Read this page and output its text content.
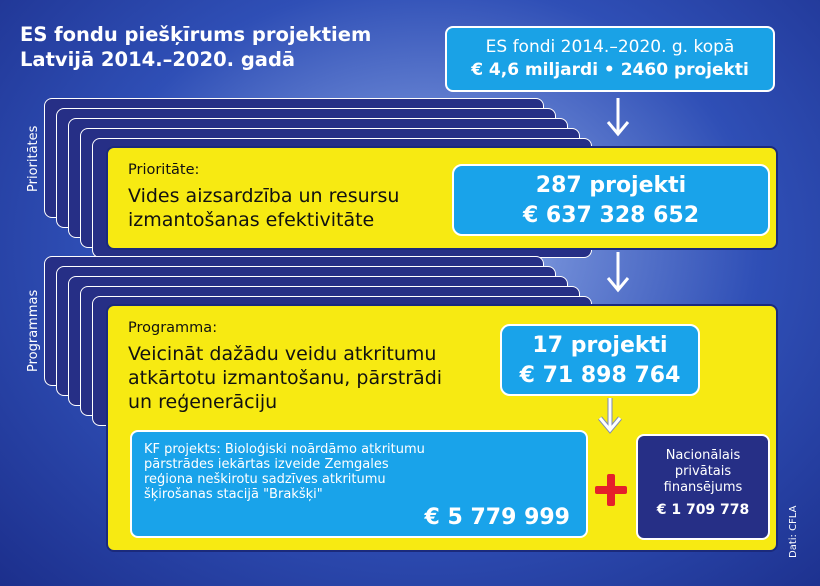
ES fondu piešķīrums projektiem
Latvijā 2014.–2020. gadā
ES fondi 2014.–2020. g. kopā
€ 4,6 miljardi • 2460 projekti
Prioritātes	Prioritāte:
Vides aizsardzība un resursu
izmantošanas efektivitāte
287 projekti
€ 637 328 652
Programmas	Programma:
Veicināt dažādu veidu atkritumu
atkārtotu izmantošanu, pārstrādi
un reģenerāciju
17 projekti
€ 71 898 764
KF projekts: Bioloģiski noārdāmo atkritumu
pārstrādes iekārtas izveide Zemgales
reģiona neškirotu sadzīves atkritumu
šķirošanas stacijā "Brakšķi"
€ 5 779 999
Nacionālais
privātais
finansējums
€ 1 709 778	Dati: CFLA
